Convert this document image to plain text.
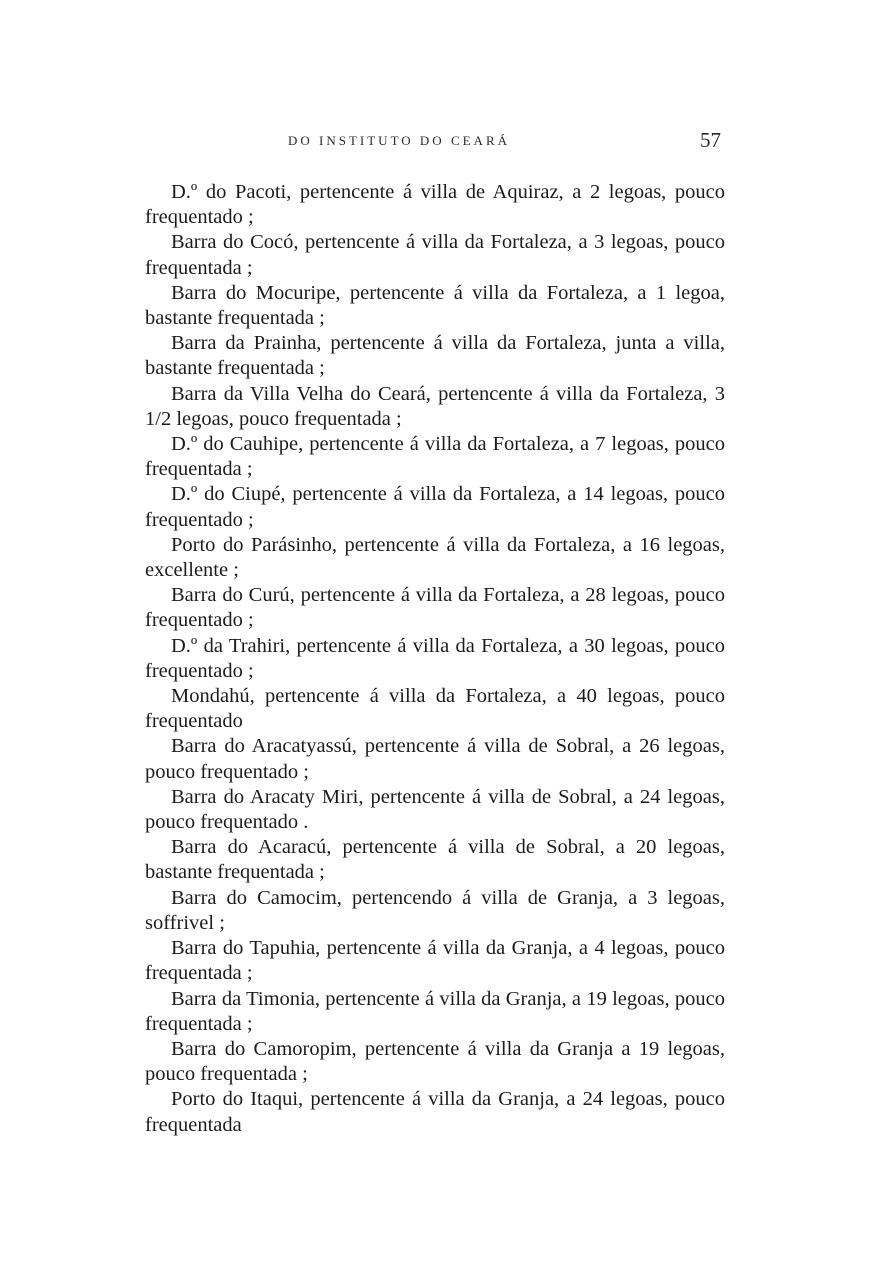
DO INSTITUTO DO CEARÁ	57

D.º do Pacoti, pertencente á villa de Aquiraz, a 2 legoas, pouco frequentado ;

Barra do Cocó, pertencente á villa da Fortaleza, a 3 legoas, pouco frequentada ;

Barra do Mocuripe, pertencente á villa da Fortaleza, a 1 legoa, bastante frequentada ;

Barra da Prainha, pertencente á villa da Fortaleza, junta a villa, bastante frequentada ;

Barra da Villa Velha do Ceará, pertencente á villa da Fortaleza, 3 1/2 legoas, pouco frequentada ;

D.º do Cauhipe, pertencente á villa da Fortaleza, a 7 legoas, pouco frequentada ;

D.º do Ciupé, pertencente á villa da Fortaleza, a 14 legoas, pouco frequentado ;

Porto do Parásinho, pertencente á villa da Fortaleza, a 16 legoas, excellente ;

Barra do Curú, pertencente á villa da Fortaleza, a 28 legoas, pouco frequentado ;

D.º da Trahiri, pertencente á villa da Fortaleza, a 30 legoas, pouco frequentado ;

Mondahú, pertencente á villa da Fortaleza, a 40 legoas, pouco frequentado

Barra do Aracatyassú, pertencente á villa de Sobral, a 26 legoas, pouco frequentado ;

Barra do Aracaty Miri, pertencente á villa de Sobral, a 24 legoas, pouco frequentado .

Barra do Acaracú, pertencente á villa de Sobral, a 20 legoas, bastante frequentada ;

Barra do Camocim, pertencendo á villa de Granja, a 3 legoas, soffrivel ;

Barra do Tapuhia, pertencente á villa da Granja, a 4 legoas, pouco frequentada ;

Barra da Timonia, pertencente á villa da Granja, a 19 legoas, pouco frequentada ;

Barra do Camoropim, pertencente á villa da Granja a 19 legoas, pouco frequentada ;

Porto do Itaqui, pertencente á villa da Granja, a 24 legoas, pouco frequentada
